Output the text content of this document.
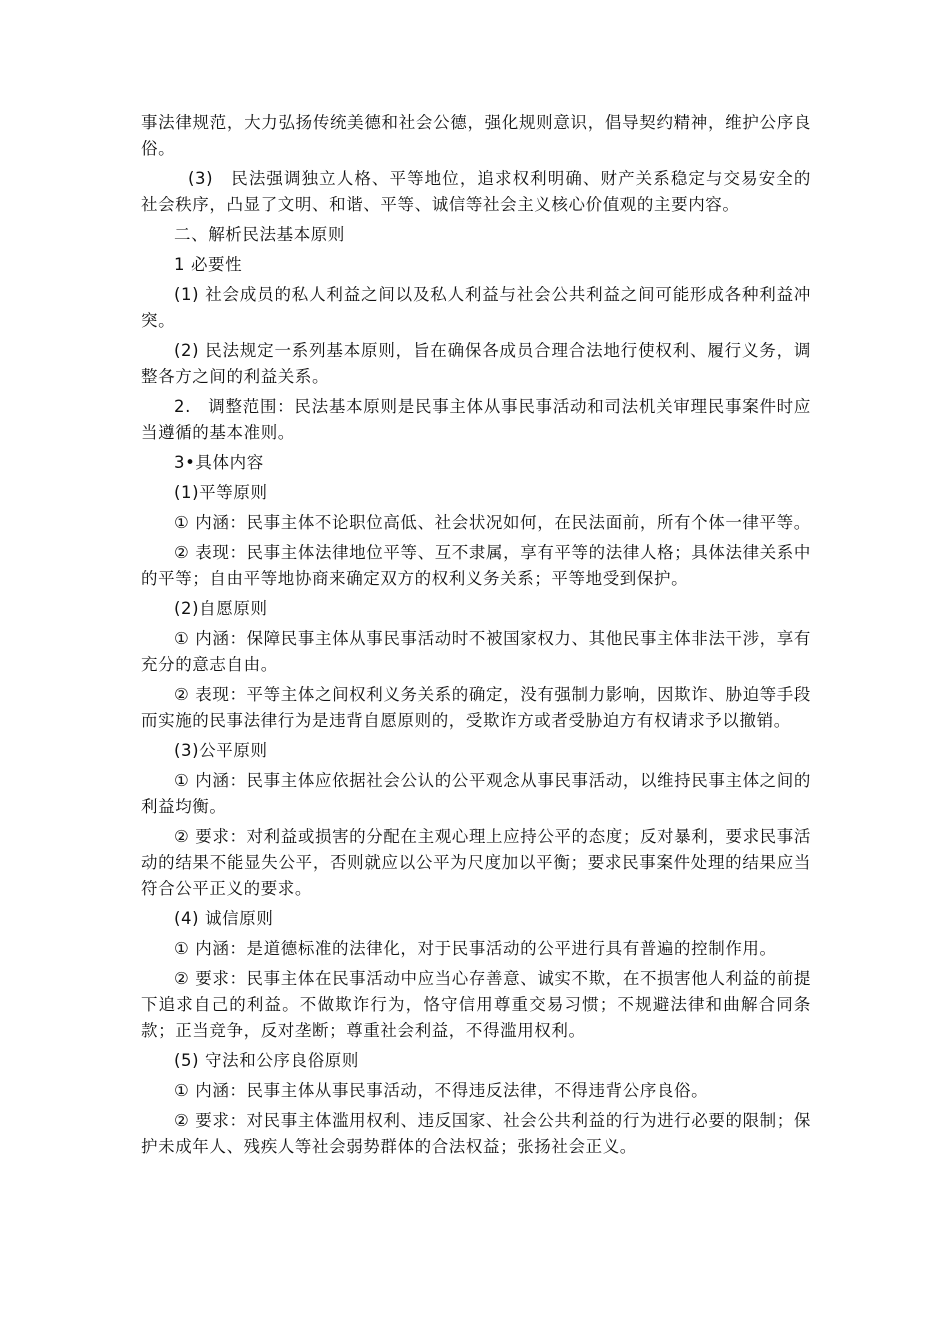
事法律规范，大力弘扬传统美德和社会公德，强化规则意识，倡导契约精神，维护公序良俗。

(3)　民法强调独立人格、平等地位，追求权利明确、财产关系稳定与交易安全的社会秩序，凸显了文明、和谐、平等、诚信等社会主义核心价值观的主要内容。

二、解析民法基本原则

1 必要性

(1) 社会成员的私人利益之间以及私人利益与社会公共利益之间可能形成各种利益冲突。

(2) 民法规定一系列基本原则，旨在确保各成员合理合法地行使权利、履行义务，调整各方之间的利益关系。

2.　调整范围：民法基本原则是民事主体从事民事活动和司法机关审理民事案件时应当遵循的基本准则。

3•具体内容

(1)平等原则

① 内涵：民事主体不论职位高低、社会状况如何，在民法面前，所有个体一律平等。

② 表现：民事主体法律地位平等、互不隶属，享有平等的法律人格；具体法律关系中的平等；自由平等地协商来确定双方的权利义务关系；平等地受到保护。

(2)自愿原则

① 内涵：保障民事主体从事民事活动时不被国家权力、其他民事主体非法干涉，享有充分的意志自由。

② 表现：平等主体之间权利义务关系的确定，没有强制力影响，因欺诈、胁迫等手段而实施的民事法律行为是违背自愿原则的，受欺诈方或者受胁迫方有权请求予以撤销。

(3)公平原则

① 内涵：民事主体应依据社会公认的公平观念从事民事活动，以维持民事主体之间的利益均衡。

② 要求：对利益或损害的分配在主观心理上应持公平的态度；反对暴利，要求民事活动的结果不能显失公平，否则就应以公平为尺度加以平衡；要求民事案件处理的结果应当符合公平正义的要求。

(4) 诚信原则

① 内涵：是道德标准的法律化，对于民事活动的公平进行具有普遍的控制作用。

② 要求：民事主体在民事活动中应当心存善意、诚实不欺，在不损害他人利益的前提下追求自己的利益。不做欺诈行为，恪守信用尊重交易习惯；不规避法律和曲解合同条款；正当竞争，反对垄断；尊重社会利益，不得滥用权利。

(5) 守法和公序良俗原则

① 内涵：民事主体从事民事活动，不得违反法律，不得违背公序良俗。

② 要求：对民事主体滥用权利、违反国家、社会公共利益的行为进行必要的限制；保护未成年人、残疾人等社会弱势群体的合法权益；张扬社会正义。
